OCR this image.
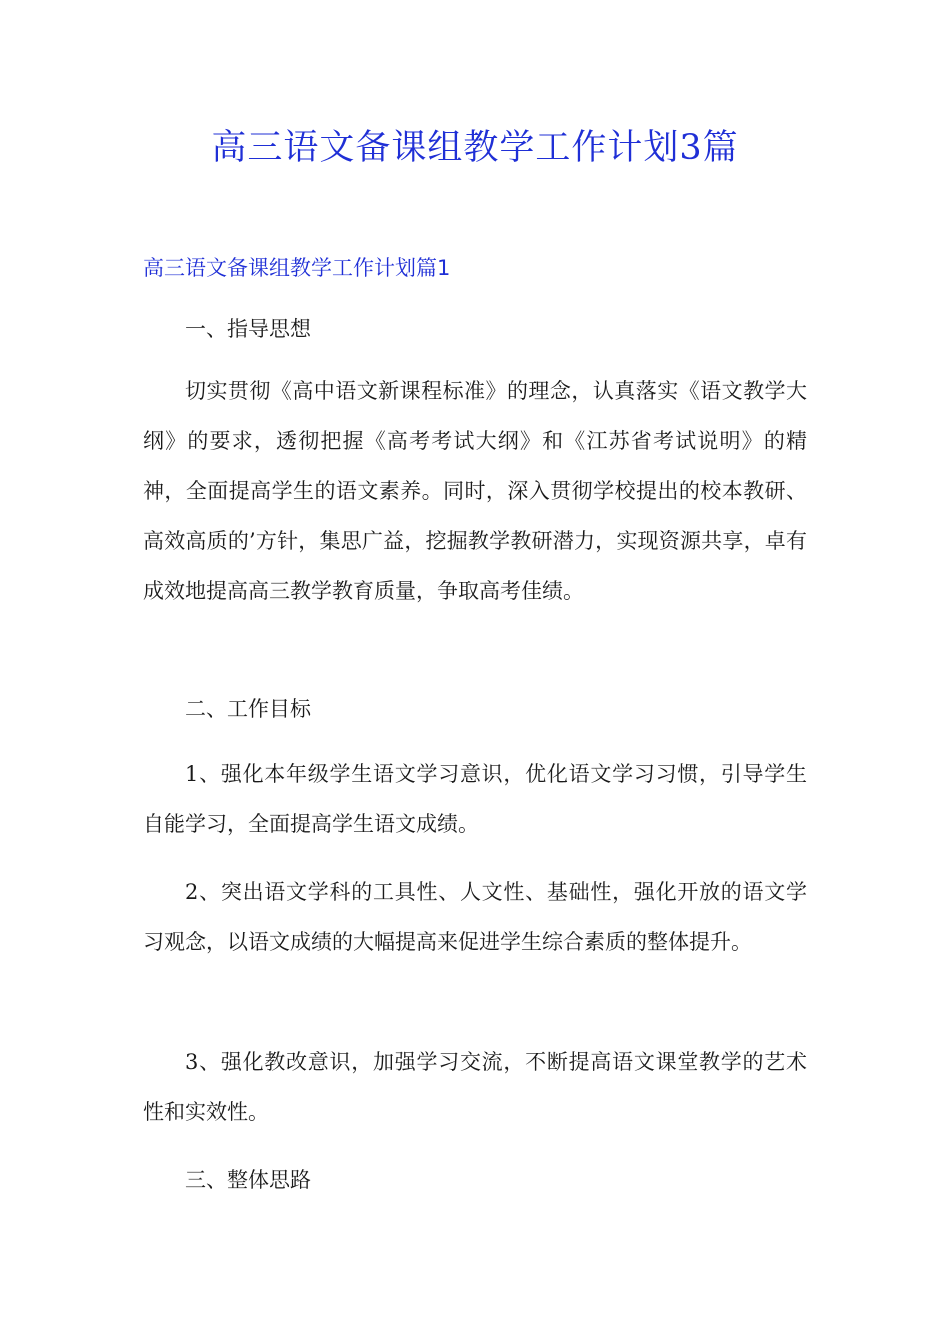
高三语文备课组教学工作计划3篇
高三语文备课组教学工作计划篇1

一、指导思想

切实贯彻《高中语文新课程标准》的理念，认真落实《语文教学大纲》的要求，透彻把握《高考考试大纲》和《江苏省考试说明》的精神，全面提高学生的语文素养。同时，深入贯彻学校提出的校本教研、高效高质的’方针，集思广益，挖掘教学教研潜力，实现资源共享，卓有成效地提高高三教学教育质量，争取高考佳绩。

二、工作目标

1、强化本年级学生语文学习意识，优化语文学习习惯，引导学生自能学习，全面提高学生语文成绩。

2、突出语文学科的工具性、人文性、基础性，强化开放的语文学习观念，以语文成绩的大幅提高来促进学生综合素质的整体提升。

3、强化教改意识，加强学习交流，不断提高语文课堂教学的艺术性和实效性。

三、整体思路
